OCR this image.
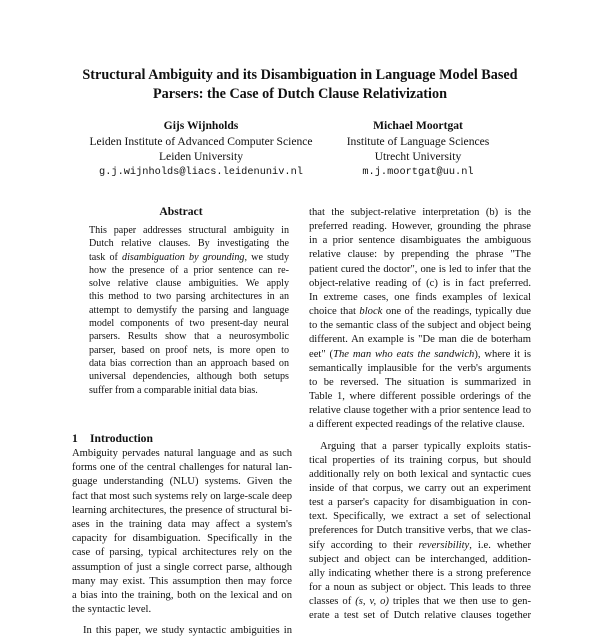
Structural Ambiguity and its Disambiguation in Language Model Based
Parsers: the Case of Dutch Clause Relativization
Gijs Wijnholds
Leiden Institute of Advanced Computer Science
Leiden University
g.j.wijnholds@liacs.leidenuniv.nl
Michael Moortgat
Institute of Language Sciences
Utrecht University
m.j.moortgat@uu.nl
Abstract
This paper addresses structural ambiguity in
Dutch relative clauses. By investigating the
task of disambiguation by grounding, we study
how the presence of a prior sentence can re-
solve relative clause ambiguities. We apply
this method to two parsing architectures in an
attempt to demystify the parsing and language
model components of two present-day neural
parsers. Results show that a neurosymbolic
parser, based on proof nets, is more open to
data bias correction than an approach based on
universal dependencies, although both setups
suffer from a comparable initial data bias.
1 Introduction
Ambiguity pervades natural language and as such
forms one of the central challenges for natural lan-
guage understanding (NLU) systems. Given the
fact that most such systems rely on large-scale deep
learning architectures, the presence of structural bi-
ases in the training data may affect a system's
capacity for disambiguation. Specifically in the
case of parsing, typical architectures rely on the
assumption of just a single correct parse, although
many may exist. This assumption then may force
a bias into the training, both on the lexical and on
the syntactic level.
In this paper, we study syntactic ambiguities in
that the subject-relative interpretation (b) is the
preferred reading. However, grounding the phrase
in a prior sentence disambiguates the ambiguous
relative clause: by prepending the phrase "The
patient cured the doctor", one is led to infer that the
object-relative reading of (c) is in fact preferred.
In extreme cases, one finds examples of lexical
choice that block one of the readings, typically due
to the semantic class of the subject and object being
different. An example is "De man die de boterham
eet" (The man who eats the sandwich), where it is
semantically implausible for the verb's arguments
to be reversed. The situation is summarized in
Table 1, where different possible orderings of the
relative clause together with a prior sentence lead to
a different expected readings of the relative clause.
Arguing that a parser typically exploits statis-
tical properties of its training corpus, but should
additionally rely on both lexical and syntactic cues
inside of that corpus, we carry out an experiment
test a parser's capacity for disambiguation in con-
text. Specifically, we extract a set of selectional
preferences for Dutch transitive verbs, that we clas-
sify according to their reversibility, i.e. whether
subject and object can be interchanged, addition-
ally indicating whether there is a strong preference
for a noun as subject or object. This leads to three
classes of (s, v, o) triples that we then use to gen-
erate a test set of Dutch relative clauses together
